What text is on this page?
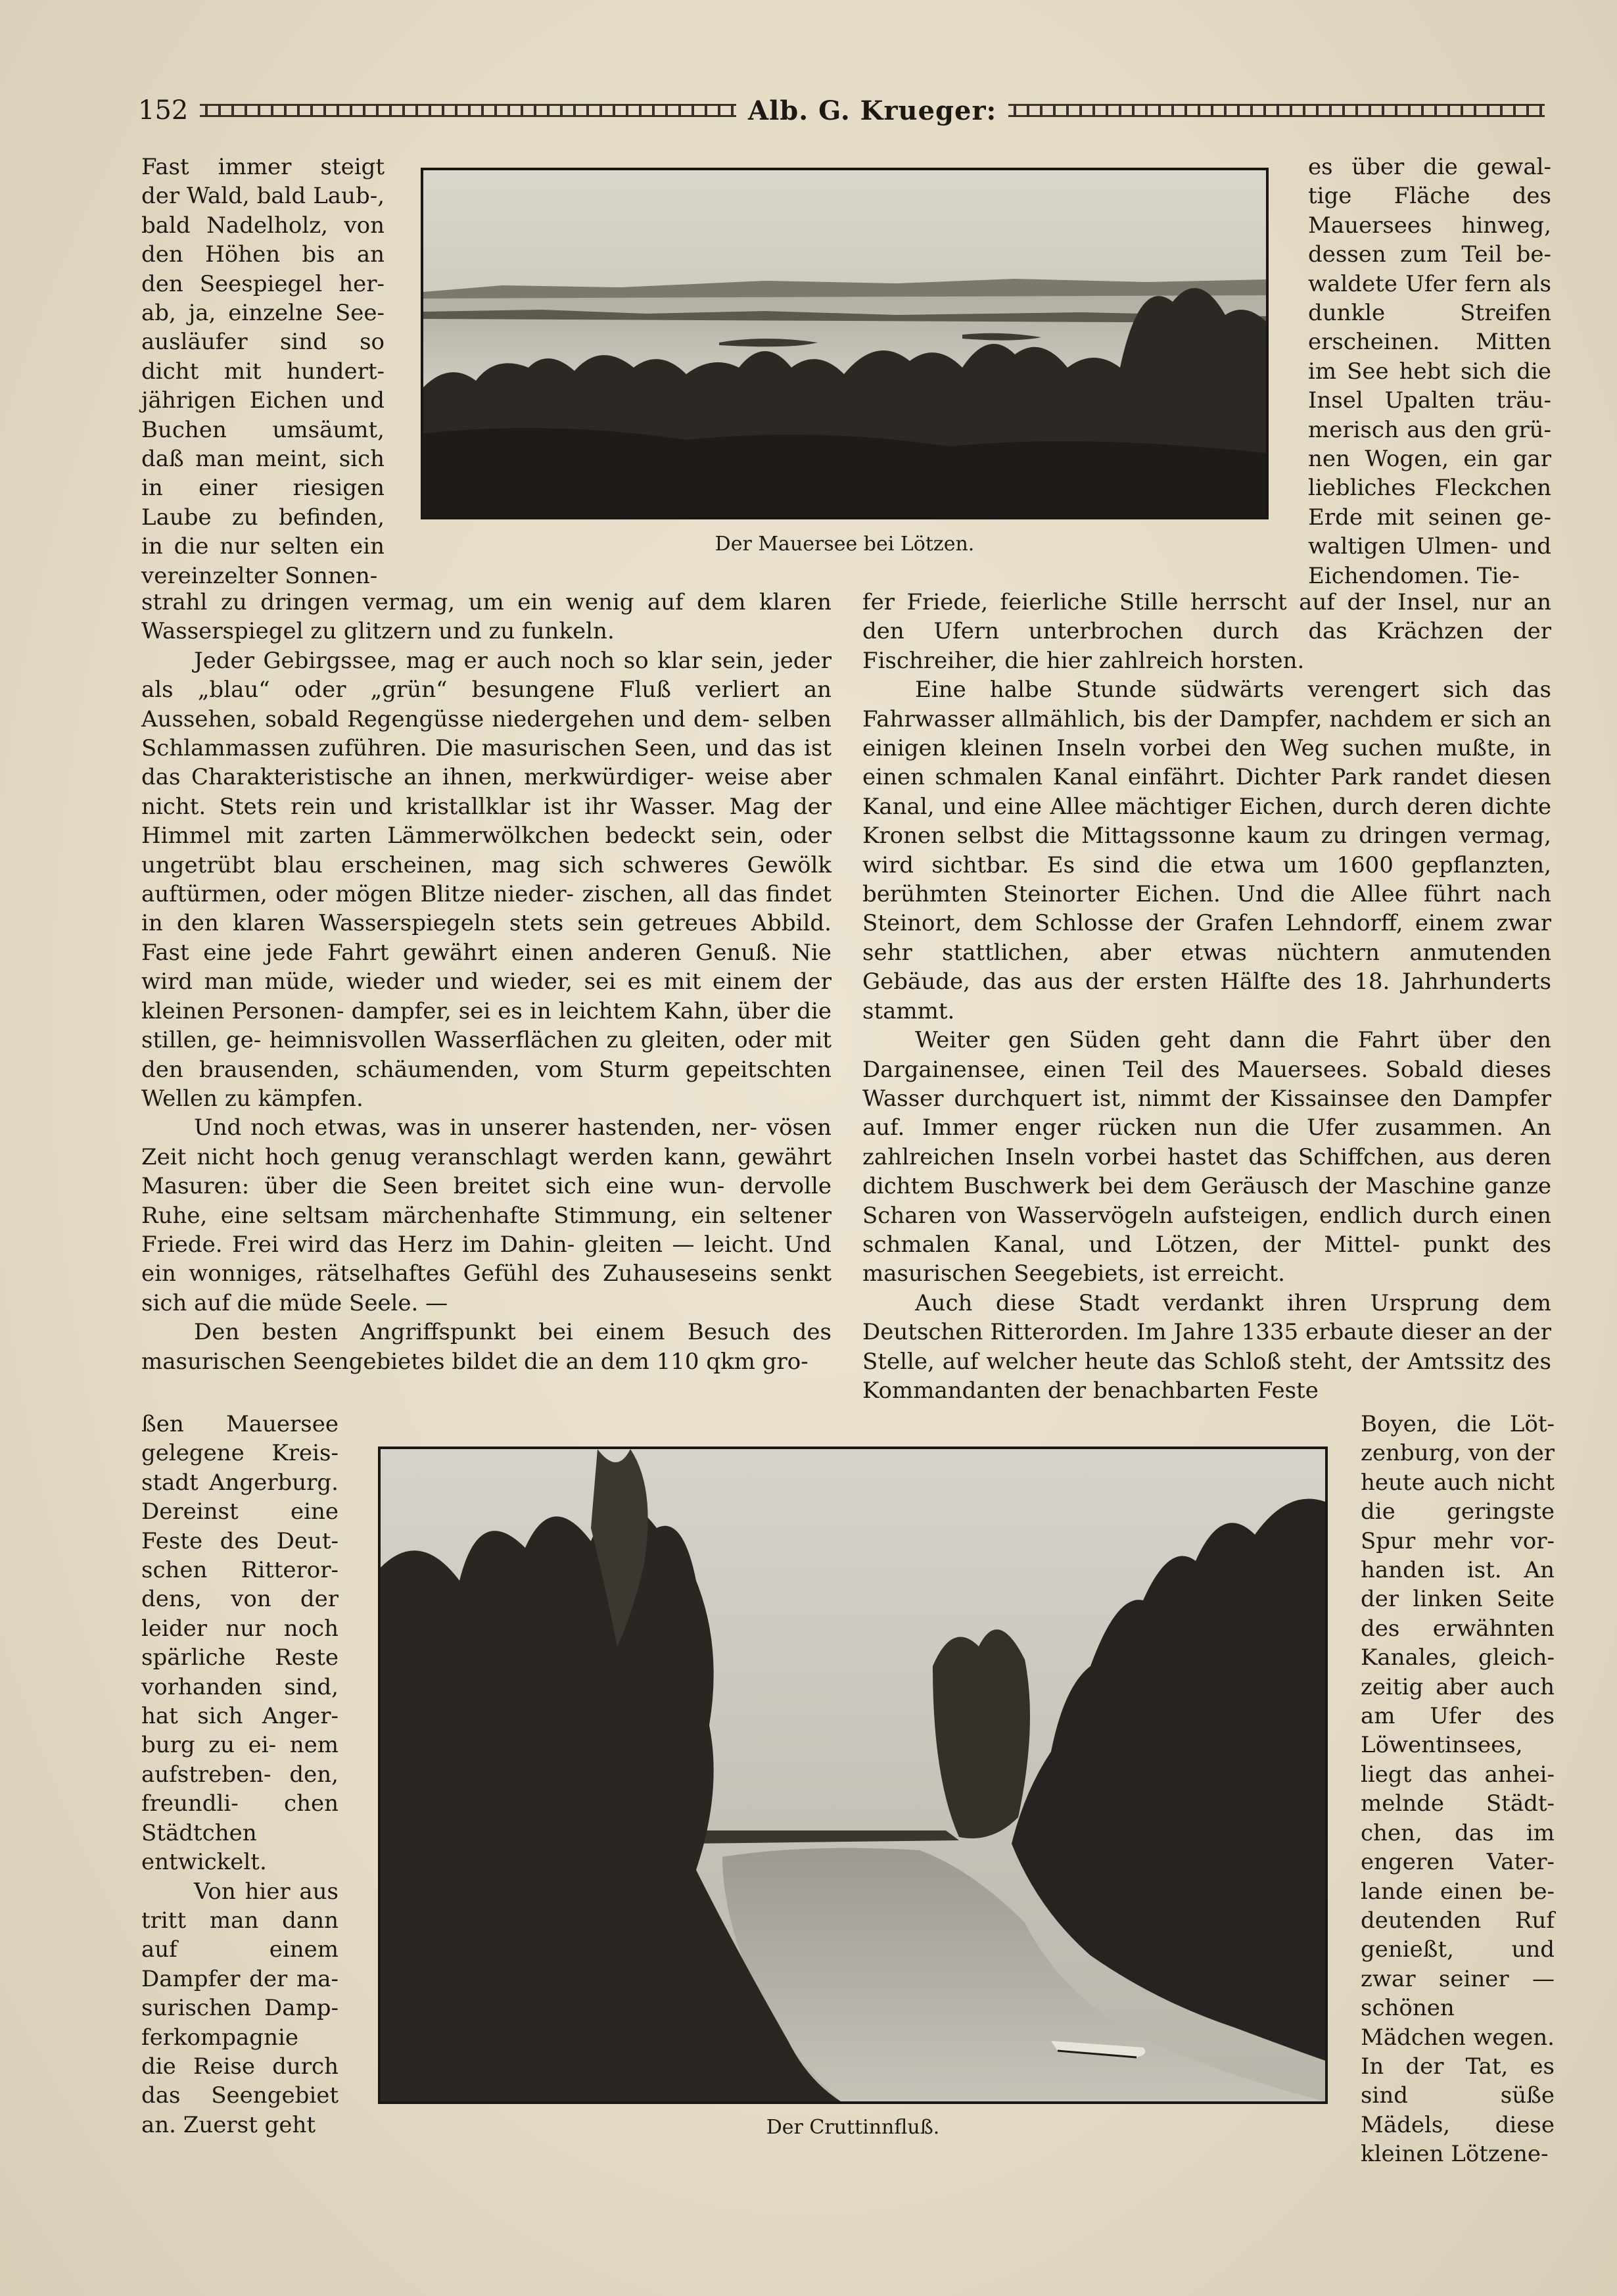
152	Alb. G. Krueger:
Der Mauersee bei Lötzen.

Fast immer steigt der Wald, bald Laub-, bald Nadelholz, von den Höhen bis an den Seespiegel her- ab, ja, einzelne See- ausläufer sind so dicht mit hundert- jährigen Eichen und Buchen umsäumt, daß man meint, sich in einer riesigen Laube zu befinden, in die nur selten ein vereinzelter Sonnen-

es über die gewal- tige Fläche des Mauersees hinweg, dessen zum Teil be- waldete Ufer fern als dunkle Streifen erscheinen. Mitten im See hebt sich die Insel Upalten träu- merisch aus den grü- nen Wogen, ein gar liebliches Fleckchen Erde mit seinen ge- waltigen Ulmen- und Eichendomen. Tie-

strahl zu dringen vermag, um ein wenig auf dem klaren Wasserspiegel zu glitzern und zu funkeln.

Jeder Gebirgssee, mag er auch noch so klar sein, jeder als „blau“ oder „grün“ besungene Fluß verliert an Aussehen, sobald Regengüsse niedergehen und dem- selben Schlammassen zuführen. Die masurischen Seen, und das ist das Charakteristische an ihnen, merkwürdiger- weise aber nicht. Stets rein und kristallklar ist ihr Wasser. Mag der Himmel mit zarten Lämmerwölkchen bedeckt sein, oder ungetrübt blau erscheinen, mag sich schweres Gewölk auftürmen, oder mögen Blitze nieder- zischen, all das findet in den klaren Wasserspiegeln stets sein getreues Abbild. Fast eine jede Fahrt gewährt einen anderen Genuß. Nie wird man müde, wieder und wieder, sei es mit einem der kleinen Personen- dampfer, sei es in leichtem Kahn, über die stillen, ge- heimnisvollen Wasserflächen zu gleiten, oder mit den brausenden, schäumenden, vom Sturm gepeitschten Wellen zu kämpfen.

Und noch etwas, was in unserer hastenden, ner- vösen Zeit nicht hoch genug veranschlagt werden kann, gewährt Masuren: über die Seen breitet sich eine wun- dervolle Ruhe, eine seltsam märchenhafte Stimmung, ein seltener Friede. Frei wird das Herz im Dahin- gleiten — leicht. Und ein wonniges, rätselhaftes Gefühl des Zuhauseseins senkt sich auf die müde Seele. —

Den besten Angriffspunkt bei einem Besuch des masurischen Seengebietes bildet die an dem 110 qkm gro-

fer Friede, feierliche Stille herrscht auf der Insel, nur an den Ufern unterbrochen durch das Krächzen der Fischreiher, die hier zahlreich horsten.

Eine halbe Stunde südwärts verengert sich das Fahrwasser allmählich, bis der Dampfer, nachdem er sich an einigen kleinen Inseln vorbei den Weg suchen mußte, in einen schmalen Kanal einfährt. Dichter Park randet diesen Kanal, und eine Allee mächtiger Eichen, durch deren dichte Kronen selbst die Mittagssonne kaum zu dringen vermag, wird sichtbar. Es sind die etwa um 1600 gepflanzten, berühmten Steinorter Eichen. Und die Allee führt nach Steinort, dem Schlosse der Grafen Lehndorff, einem zwar sehr stattlichen, aber etwas nüchtern anmutenden Gebäude, das aus der ersten Hälfte des 18. Jahrhunderts stammt.

Weiter gen Süden geht dann die Fahrt über den Dargainensee, einen Teil des Mauersees. Sobald dieses Wasser durchquert ist, nimmt der Kissainsee den Dampfer auf. Immer enger rücken nun die Ufer zusammen. An zahlreichen Inseln vorbei hastet das Schiffchen, aus deren dichtem Buschwerk bei dem Geräusch der Maschine ganze Scharen von Wasservögeln aufsteigen, endlich durch einen schmalen Kanal, und Lötzen, der Mittel- punkt des masurischen Seegebiets, ist erreicht.

Auch diese Stadt verdankt ihren Ursprung dem Deutschen Ritterorden. Im Jahre 1335 erbaute dieser an der Stelle, auf welcher heute das Schloß steht, der Amtssitz des Kommandanten der benachbarten Feste

Der Cruttinnfluß.

ßen Mauersee gelegene Kreis- stadt Angerburg. Dereinst eine Feste des Deut- schen Ritteror- dens, von der leider nur noch spärliche Reste vorhanden sind, hat sich Anger- burg zu ei- nem aufstreben- den, freundli- chen Städtchen entwickelt.

Von hier aus tritt man dann auf einem Dampfer der ma- surischen Damp- ferkompagnie die Reise durch das Seengebiet an. Zuerst geht

Boyen, die Löt- zenburg, von der heute auch nicht die geringste Spur mehr vor- handen ist. An der linken Seite des erwähnten Kanales, gleich- zeitig aber auch am Ufer des Löwentinsees, liegt das anhei- melnde Städt- chen, das im engeren Vater- lande einen be- deutenden Ruf genießt, und zwar seiner — schönen Mädchen wegen. In der Tat, es sind süße Mädels, diese kleinen Lötzene-
